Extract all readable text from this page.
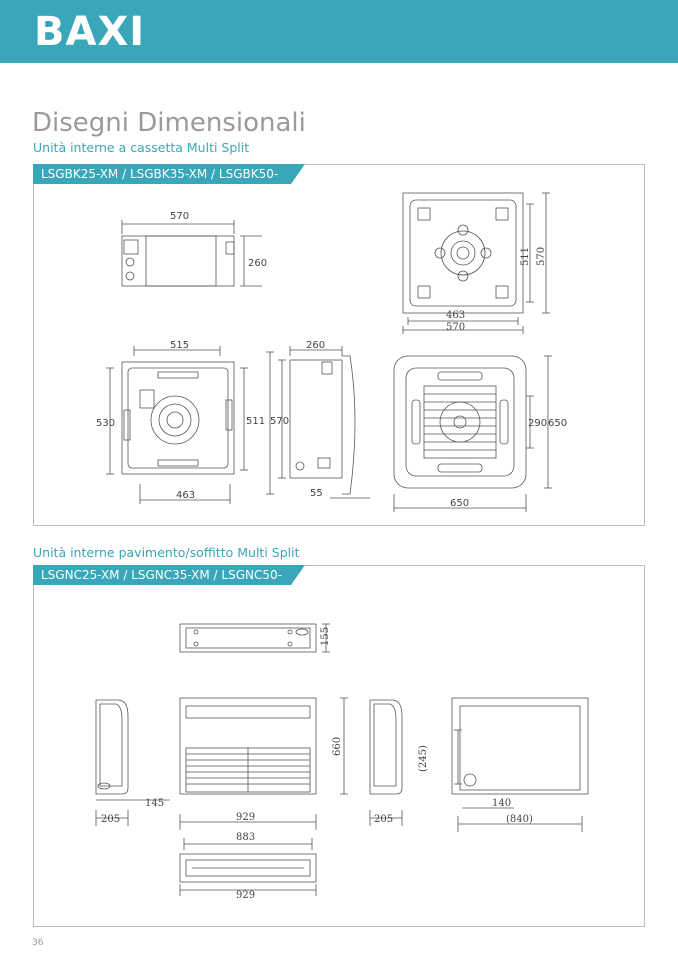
BAXI
Disegni Dimensionali
Unità interne a cassetta Multi Split
LSGBK25-XM / LSGBK35-XM / LSGBK50-XM
Unità interne pavimento/soffitto Multi Split
LSGNC25-XM / LSGNC35-XM / LSGNC50-XM
570
260
463
570
511 570
515
530
463
260
511 570
55
290 650
650
155
145
205	929	205
660	(245)
140
(840)
883
929
36
